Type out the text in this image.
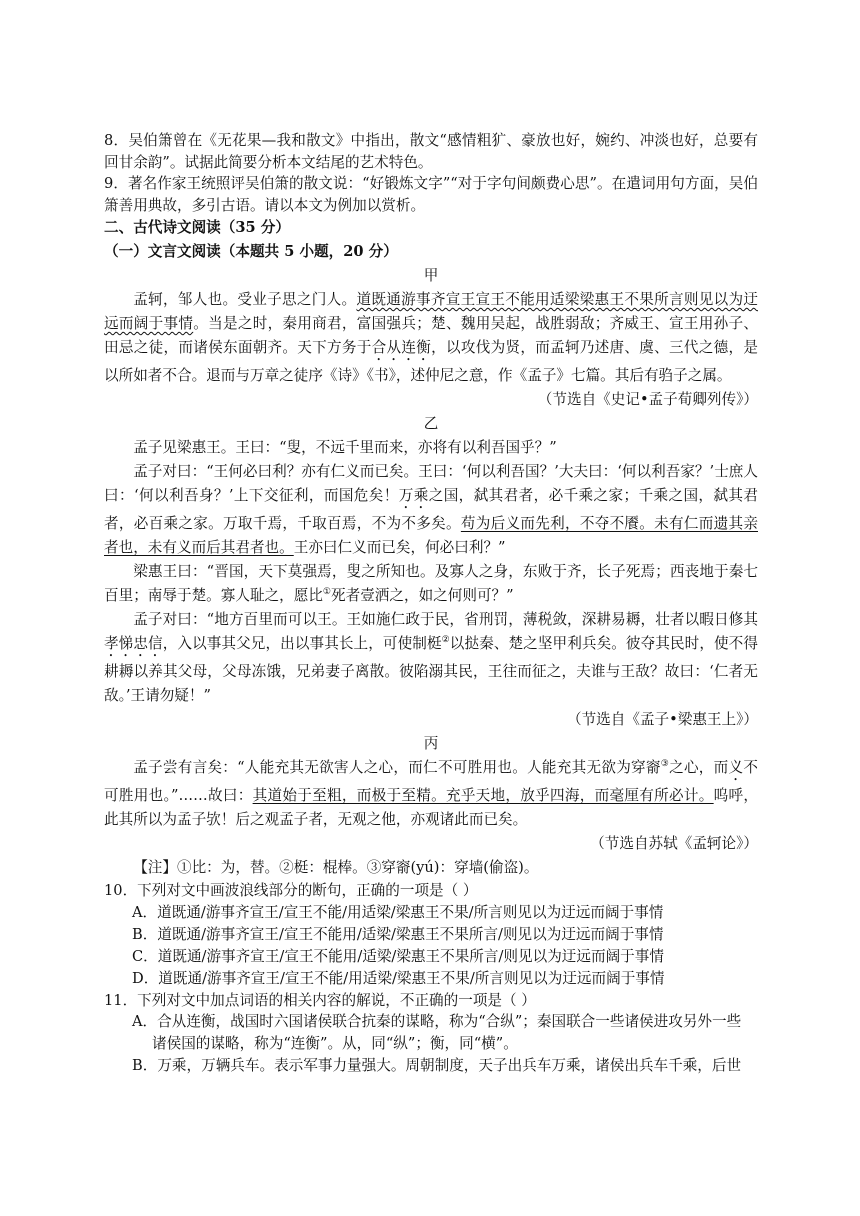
8．吴伯箫曾在《无花果—我和散文》中指出，散文“感情粗犷、豪放也好，婉约、冲淡也好，总要有回甘余韵”。试据此简要分析本文结尾的艺术特色。

9．著名作家王统照评吴伯箫的散文说：“好锻炼文字”“对于字句间颇费心思”。在遣词用句方面，吴伯箫善用典故，多引古语。请以本文为例加以赏析。

二、古代诗文阅读（35 分）

（一）文言文阅读（本题共 5 小题，20 分）

甲

孟轲，邹人也。受业子思之门人。道既通游事齐宣王宣王不能用适梁梁惠王不果所言则见以为迂远而阔于事情。当是之时，秦用商君，富国强兵；楚、魏用吴起，战胜弱敌；齐威王、宣王用孙子、田忌之徒，而诸侯东面朝齐。天下方务于合从连衡，以攻伐为贤，而孟轲乃述唐、虞、三代之德，是以所如者不合。退而与万章之徒序《诗》《书》，述仲尼之意，作《孟子》七篇。其后有驺子之属。

（节选自《史记•孟子荀卿列传》）

乙

孟子见梁惠王。王曰：“叟，不远千里而来，亦将有以利吾国乎？”

孟子对曰：“王何必曰利？亦有仁义而已矣。王曰：‘何以利吾国？’大夫曰：‘何以利吾家？’士庶人曰：‘何以利吾身？’上下交征利，而国危矣！万乘之国，弑其君者，必千乘之家；千乘之国，弑其君者，必百乘之家。万取千焉，千取百焉，不为不多矣。苟为后义而先利，不夺不餍。未有仁而遗其亲者也，未有义而后其君者也。王亦曰仁义而已矣，何必曰利？”

梁惠王曰：“晋国，天下莫强焉，叟之所知也。及寡人之身，东败于齐，长子死焉；西丧地于秦七百里；南辱于楚。寡人耻之，愿比①死者壹洒之，如之何则可？”

孟子对曰：“地方百里而可以王。王如施仁政于民，省刑罚，薄税敛，深耕易耨，壮者以暇日修其孝悌忠信，入以事其父兄，出以事其长上，可使制梃②以挞秦、楚之坚甲利兵矣。彼夺其民时，使不得耕耨以养其父母，父母冻饿，兄弟妻子离散。彼陷溺其民，王往而征之，夫谁与王敌？故曰：‘仁者无敌。’王请勿疑！”

（节选自《孟子•梁惠王上》）

丙

孟子尝有言矣：“人能充其无欲害人之心，而仁不可胜用也。人能充其无欲为穿窬③之心，而义不可胜用也。”……故曰：其道始于至粗，而极于至精。充乎天地，放乎四海，而毫厘有所必计。呜呼，此其所以为孟子欤！后之观孟子者，无观之他，亦观诸此而已矣。

（节选自苏轼《孟轲论》）

【注】①比：为，替。②梃：棍棒。③穿窬(yú)：穿墙(偷盗)。

10．下列对文中画波浪线部分的断句，正确的一项是（ ）

A．道既通/游事齐宣王/宣王不能/用适梁/梁惠王不果/所言则见以为迂远而阔于事情

B．道既通/游事齐宣王/宣王不能用/适梁/梁惠王不果所言/则见以为迂远而阔于事情

C．道既通/游事齐宣王/宣王不能用/适梁/梁惠王不果所言/则见以为迂远而阔于事情

D．道既通/游事齐宣王/宣王不能/用适梁/梁惠王不果/所言则见以为迂远而阔于事情

11．下列对文中加点词语的相关内容的解说，不正确的一项是（ ）

A．合从连衡，战国时六国诸侯联合抗秦的谋略，称为“合纵”；秦国联合一些诸侯进攻另外一些

诸侯国的谋略，称为“连衡”。从，同“纵”；衡，同“横”。

B．万乘，万辆兵车。表示军事力量强大。周朝制度，天子出兵车万乘，诸侯出兵车千乘，后世
